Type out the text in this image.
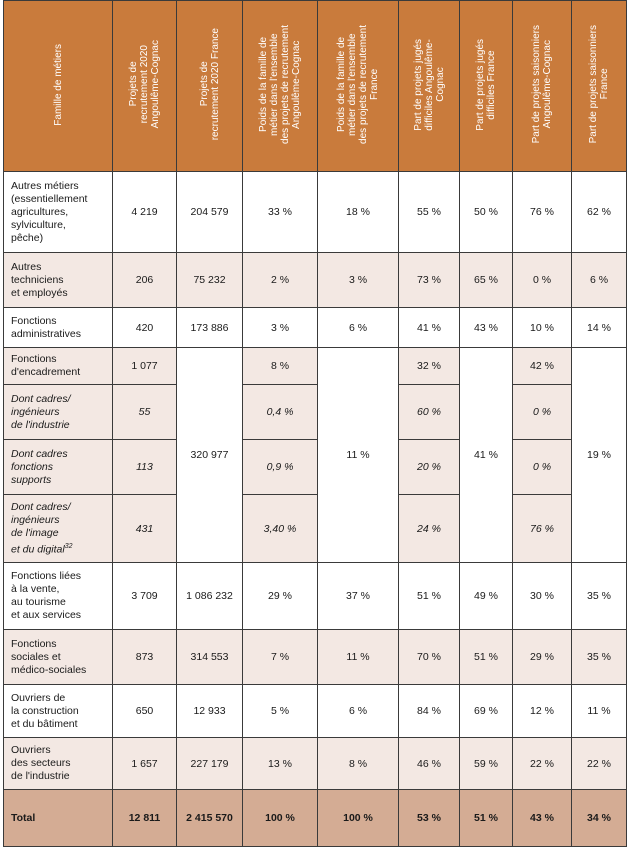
Famille de métiers	Projets de
recrutement 2020
Angoulême-Cognac	Projets de
recrutement 2020 France	Poids de la famille de
métier dans l'ensemble
des projets de recrutement
Angoulême-Cognac	Poids de la famille de
métier dans l'ensemble
des projets de recrutement
France	Part de projets jugés
difficiles Angoulême-
Cognac	Part de projets jugés
difficiles France	Part de projets saisonniers
Angoulême-Cognac	Part de projets saisonniers
France
Autres métiers
(essentiellement
agricultures,
sylviculture,
pêche)	4 219	204 579	33 %	18 %	55 %	50 %	76 %	62 %
Autres
techniciens
et employés	206	75 232	2 %	3 %	73 %	65 %	0 %	6 %
Fonctions
administratives	420	173 886	3 %	6 %	41 %	43 %	10 %	14 %
Fonctions
d'encadrement	1 077	320 977	8 %	11 %	32 %	41 %	42 %	19 %
Dont cadres/
ingénieurs
de l'industrie	55		0,4 %		60 %		0 %	
Dont cadres
fonctions
supports	113		0,9 %		20 %		0 %	
Dont cadres/
ingénieurs
de l'image
et du digital$^{32}$	431		3,40 %		24 %		76 %	
Fonctions liées
à la vente,
au tourisme
et aux services	3 709	1 086 232	29 %	37 %	51 %	49 %	30 %	35 %
Fonctions
sociales et
médico-sociales	873	314 553	7 %	11 %	70 %	51 %	29 %	35 %
Ouvriers de
la construction
et du bâtiment	650	12 933	5 %	6 %	84 %	69 %	12 %	11 %
Ouvriers
des secteurs
de l'industrie	1 657	227 179	13 %	8 %	46 %	59 %	22 %	22 %
Total	12 811	2 415 570	100 %	100 %	53 %	51 %	43 %	34 %
